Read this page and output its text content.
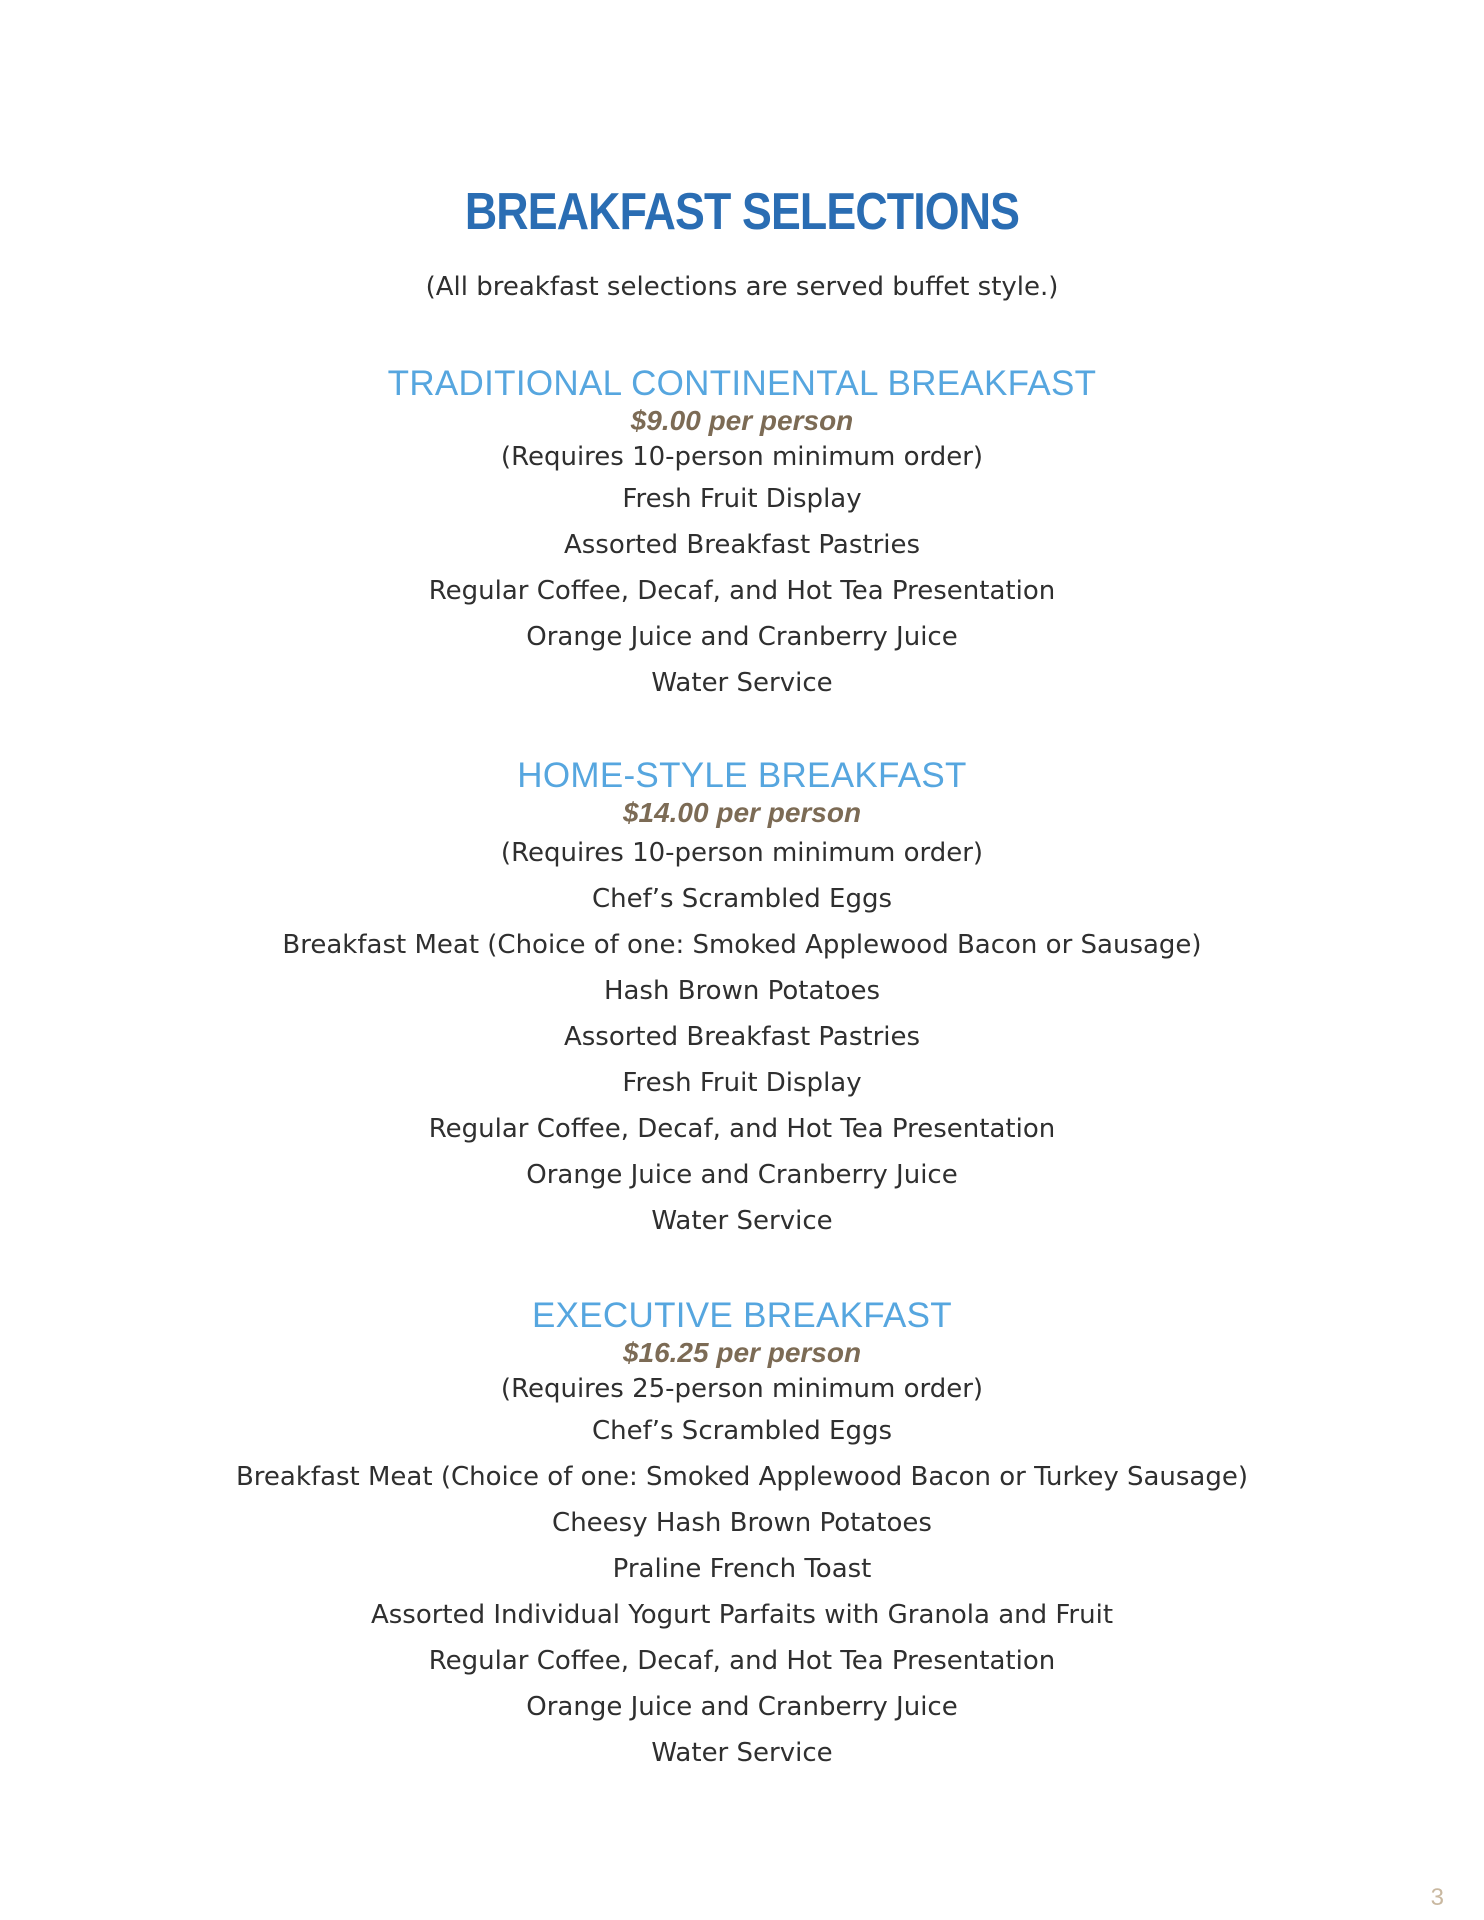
BREAKFAST SELECTIONS
(All breakfast selections are served buffet style.)
TRADITIONAL CONTINENTAL BREAKFAST
$9.00 per person
(Requires 10-person minimum order)
Fresh Fruit Display
Assorted Breakfast Pastries
Regular Coffee, Decaf, and Hot Tea Presentation
Orange Juice and Cranberry Juice
Water Service
HOME-STYLE BREAKFAST
$14.00 per person
(Requires 10-person minimum order)
Chef’s Scrambled Eggs
Breakfast Meat (Choice of one: Smoked Applewood Bacon or Sausage)
Hash Brown Potatoes
Assorted Breakfast Pastries
Fresh Fruit Display
Regular Coffee, Decaf, and Hot Tea Presentation
Orange Juice and Cranberry Juice
Water Service
EXECUTIVE BREAKFAST
$16.25 per person
(Requires 25-person minimum order)
Chef’s Scrambled Eggs
Breakfast Meat (Choice of one: Smoked Applewood Bacon or Turkey Sausage)
Cheesy Hash Brown Potatoes
Praline French Toast
Assorted Individual Yogurt Parfaits with Granola and Fruit
Regular Coffee, Decaf, and Hot Tea Presentation
Orange Juice and Cranberry Juice
Water Service
3
